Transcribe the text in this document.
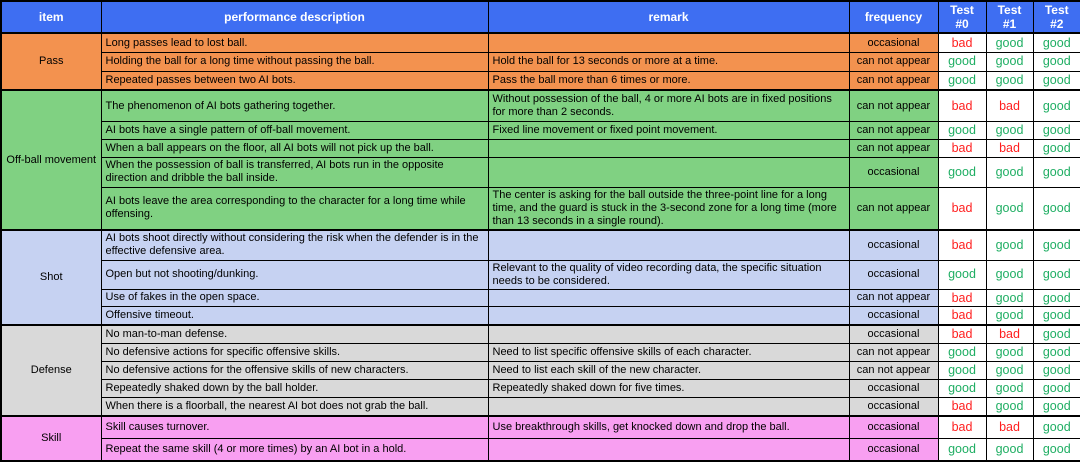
item	performance description	remark	frequency	Test #0	Test #1	Test #2
Pass	Long passes lead to lost ball.		occasional	bad	good	good
	Holding the ball for a long time without passing the ball.	Hold the ball for 13 seconds or more at a time.	can not appear	good	good	good
	Repeated passes between two AI bots.	Pass the ball more than 6 times or more.	can not appear	good	good	good
Off-ball movement	The phenomenon of AI bots gathering together.	Without possession of the ball, 4 or more AI bots are in fixed positions for more than 2 seconds.	can not appear	bad	bad	good
	AI bots have a single pattern of off-ball movement.	Fixed line movement or fixed point movement.	can not appear	good	good	good
	When a ball appears on the floor, all AI bots will not pick up the ball.		can not appear	bad	bad	good
	When the possession of ball is transferred, AI bots run in the opposite direction and dribble the ball inside.		occasional	good	good	good
	AI bots leave the area corresponding to the character for a long time while offensing.	The center is asking for the ball outside the three-point line for a long time, and the guard is stuck in the 3-second zone for a long time (more than 13 seconds in a single round).	can not appear	bad	good	good
Shot	AI bots shoot directly without considering the risk when the defender is in the effective defensive area.		occasional	bad	good	good
	Open but not shooting/dunking.	Relevant to the quality of video recording data, the specific situation needs to be considered.	occasional	good	good	good
	Use of fakes in the open space.		can not appear	bad	good	good
	Offensive timeout.		occasional	bad	good	good
Defense	No man-to-man defense.		occasional	bad	bad	good
	No defensive actions for specific offensive skills.	Need to list specific offensive skills of each character.	can not appear	good	good	good
	No defensive actions for the offensive skills of new characters.	Need to list each skill of the new character.	can not appear	good	good	good
	Repeatedly shaked down by the ball holder.	Repeatedly shaked down for five times.	occasional	good	good	good
	When there is a floorball, the nearest AI bot does not grab the ball.		occasional	bad	good	good
Skill	Skill causes turnover.	Use breakthrough skills, get knocked down and drop the ball.	occasional	bad	bad	good
	Repeat the same skill (4 or more times) by an AI bot in a hold.		occasional	good	good	good
